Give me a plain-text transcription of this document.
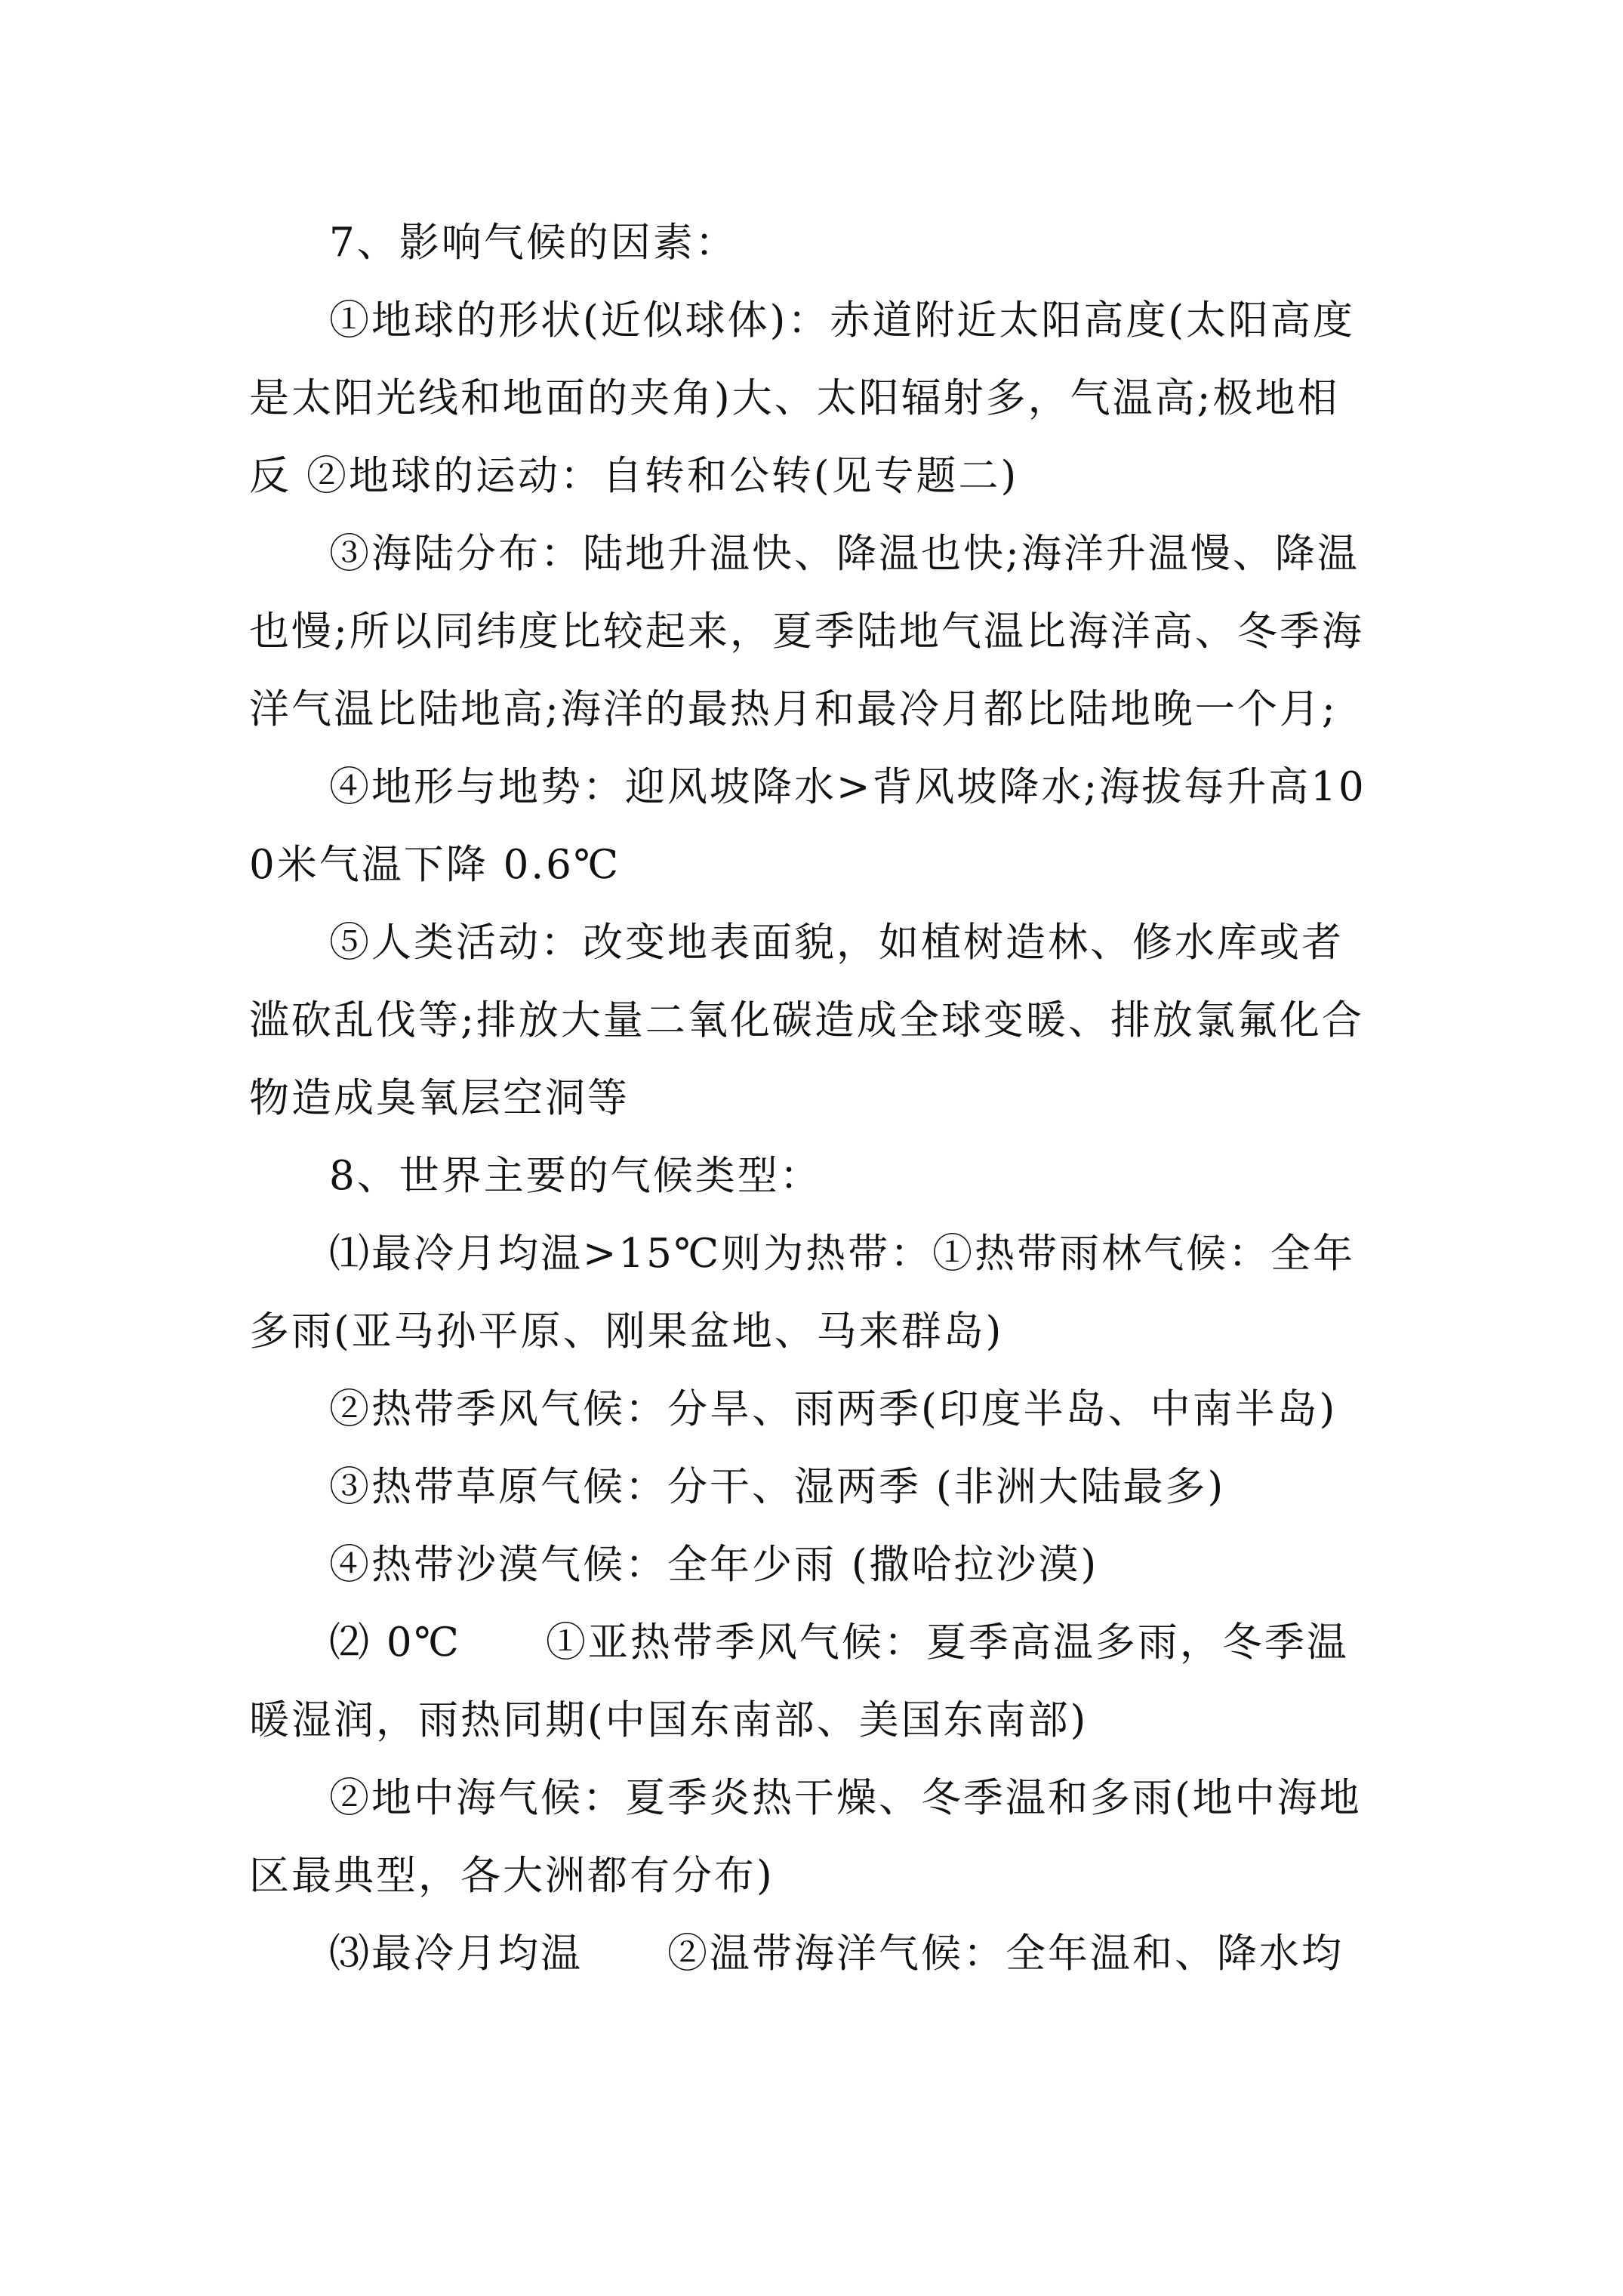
7、影响气候的因素：

①地球的形状(近似球体)：赤道附近太阳高度(太阳高度是太阳光线和地面的夹角)大、太阳辐射多，气温高;极地相反 ②地球的运动：自转和公转(见专题二)

③海陆分布：陆地升温快、降温也快;海洋升温慢、降温也慢;所以同纬度比较起来，夏季陆地气温比海洋高、冬季海洋气温比陆地高;海洋的最热月和最冷月都比陆地晚一个月;

④地形与地势：迎风坡降水>背风坡降水;海拔每升高100米气温下降 0.6℃

⑤人类活动：改变地表面貌，如植树造林、修水库或者滥砍乱伐等;排放大量二氧化碳造成全球变暖、排放氯氟化合物造成臭氧层空洞等

8、世界主要的气候类型：

⑴最冷月均温>15℃则为热带：①热带雨林气候：全年多雨(亚马孙平原、刚果盆地、马来群岛)

②热带季风气候：分旱、雨两季(印度半岛、中南半岛)

③热带草原气候：分干、湿两季 (非洲大陆最多)

④热带沙漠气候：全年少雨 (撒哈拉沙漠)

⑵ 0℃　　①亚热带季风气候：夏季高温多雨，冬季温暖湿润，雨热同期(中国东南部、美国东南部)

②地中海气候：夏季炎热干燥、冬季温和多雨(地中海地区最典型，各大洲都有分布)

⑶最冷月均温　　②温带海洋气候：全年温和、降水均
